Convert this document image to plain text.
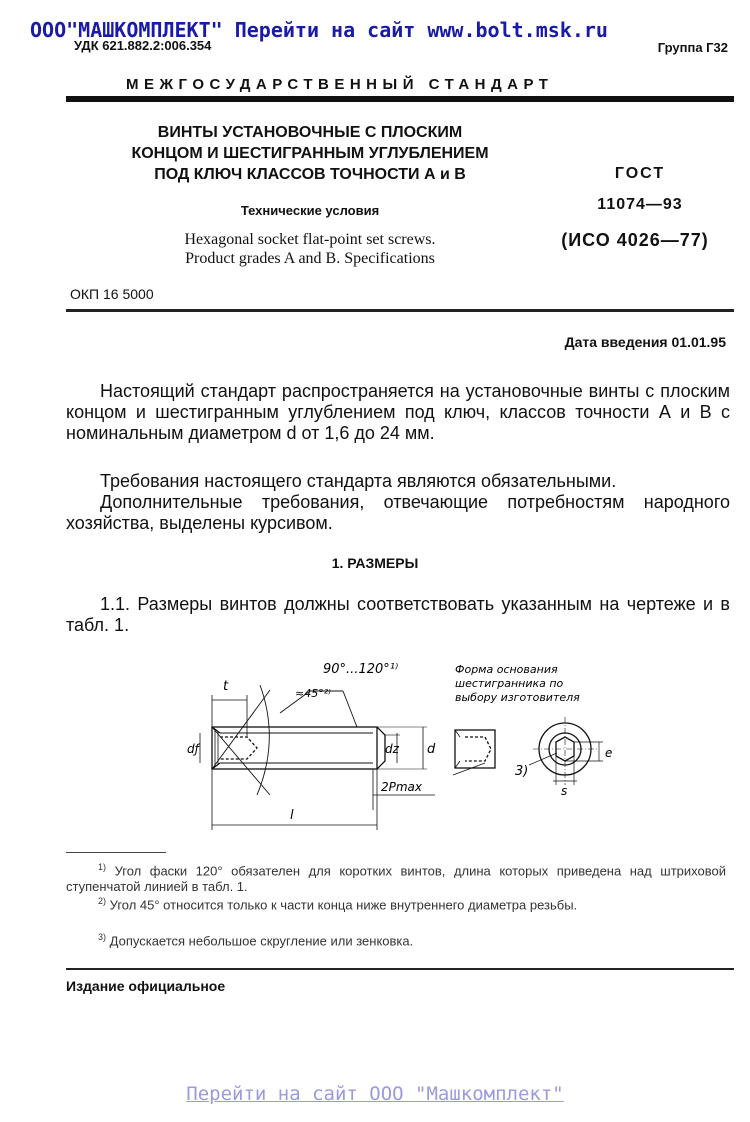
ООО"МАШКОМПЛЕКТ" Перейти на сайт www.bolt.msk.ru
УДК 621.882.2:006.354	Группа Г32
МЕЖГОСУДАРСТВЕННЫЙ СТАНДАРТ
ВИНТЫ УСТАНОВОЧНЫЕ С ПЛОСКИМ
КОНЦОМ И ШЕСТИГРАННЫМ УГЛУБЛЕНИЕМ
ПОД КЛЮЧ КЛАССОВ ТОЧНОСТИ А и В
Технические условия
Hexagonal socket flat-point set screws.
Product grades A and B. Specifications
ГОСТ
11074—93
(ИСО 4026—77)
ОКП 16 5000
Дата введения 01.01.95

Настоящий стандарт распространяется на установочные винты с плоским концом и шестигранным углублением под ключ, классов точности А и В с номинальным диаметром d от 1,6 до 24 мм.

Требования настоящего стандарта являются обязательными.

Дополнительные требования, отвечающие потребностям народного хозяйства, выделены курсивом.

1. РАЗМЕРЫ

1.1. Размеры винтов должны соответствовать указанным на чертеже и в табл. 1.

90°...120°¹⁾
≈45°²⁾
t
dƒ	dz d
2Pmax
l
Форма основания
шестигранника по
выбору изготовителя
3)
s
e

$^{1)}$ Угол фаски 120° обязателен для коротких винтов, длина которых приведена над штриховой ступенчатой линией в табл. 1.

$^{2)}$ Угол 45° относится только к части конца ниже внутреннего диаметра резьбы.

$^{3)}$ Допускается небольшое скругление или зенковка.

Издание официальное
Перейти на сайт ООО "Машкомплект"
